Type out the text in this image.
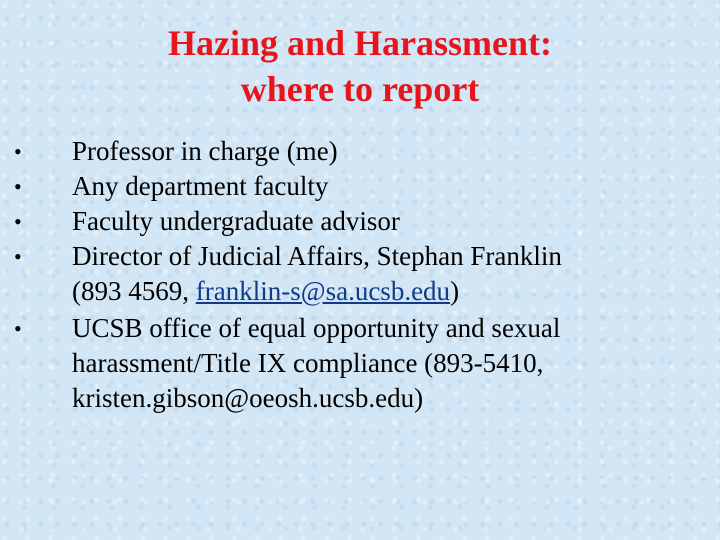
Hazing and Harassment:
where to report
•	Professor in charge (me)
•	Any department faculty
•	Faculty undergraduate advisor
•	Director of Judicial Affairs, Stephan Franklin
(893 4569, franklin-s@sa.ucsb.edu)
•	UCSB office of equal opportunity and sexual
harassment/Title IX compliance (893-5410,
kristen.gibson@oeosh.ucsb.edu)
